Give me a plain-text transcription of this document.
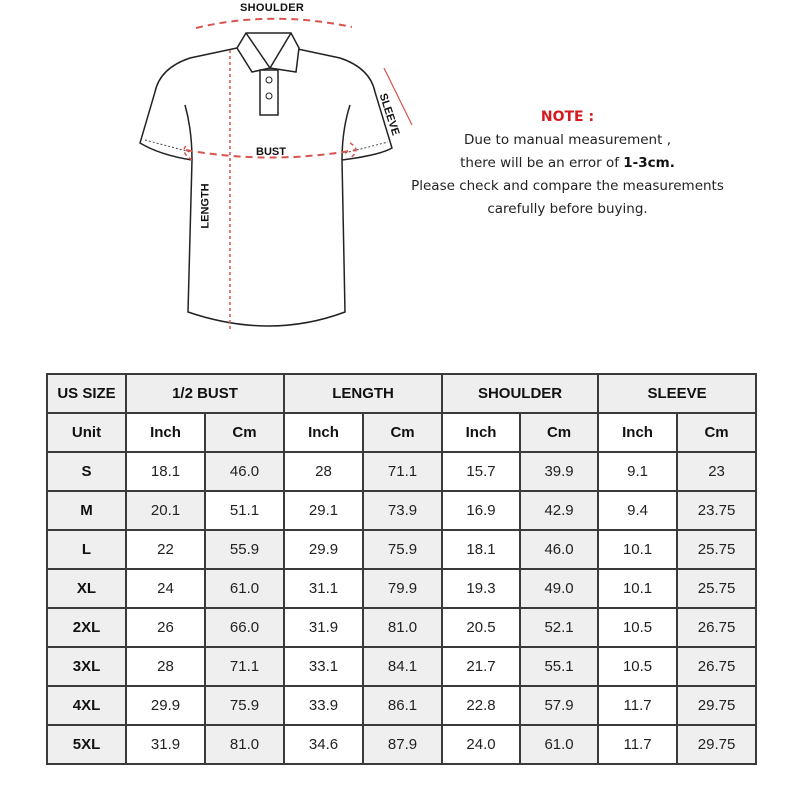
SHOULDER
BUST
LENGTH
SLEEVE	NOTE :
Due to manual measurement ,
there will be an error of 1-3cm.
Please check and compare the measurements
carefully before buying.
US SIZE	1/2 BUST		LENGTH		SHOULDER		SLEEVE	
Unit	Inch	Cm	Inch	Cm	Inch	Cm	Inch	Cm
S	18.1	46.0	28	71.1	15.7	39.9	9.1	23
M	20.1	51.1	29.1	73.9	16.9	42.9	9.4	23.75
L	22	55.9	29.9	75.9	18.1	46.0	10.1	25.75
XL	24	61.0	31.1	79.9	19.3	49.0	10.1	25.75
2XL	26	66.0	31.9	81.0	20.5	52.1	10.5	26.75
3XL	28	71.1	33.1	84.1	21.7	55.1	10.5	26.75
4XL	29.9	75.9	33.9	86.1	22.8	57.9	11.7	29.75
5XL	31.9	81.0	34.6	87.9	24.0	61.0	11.7	29.75
